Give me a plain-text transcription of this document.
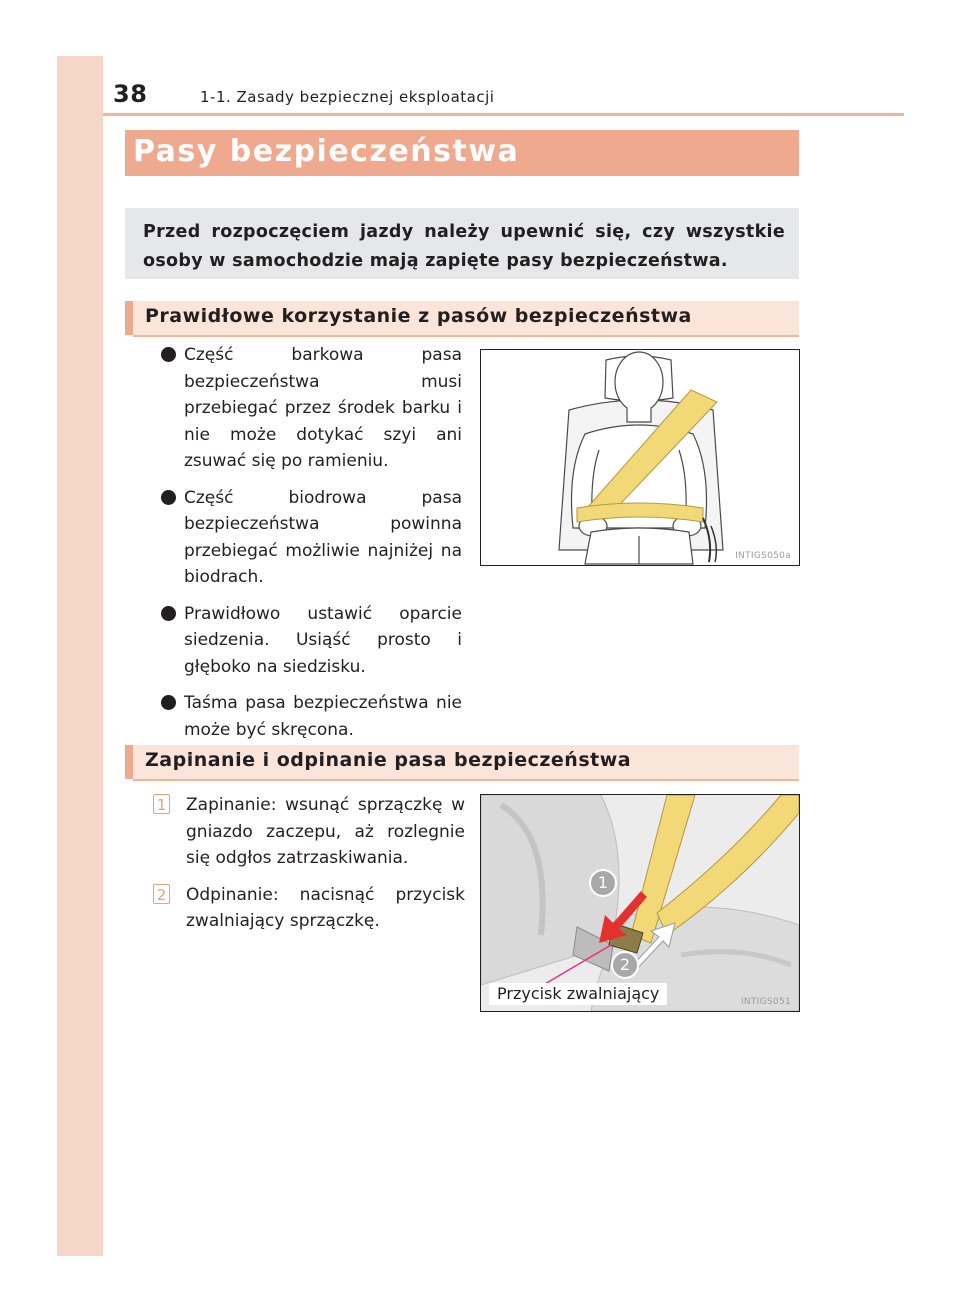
38	1-1. Zasady bezpiecznej eksploatacji
Pasy bezpieczeństwa

Przed rozpoczęciem jazdy należy upewnić się, czy wszystkie osoby w samochodzie mają zapięte pasy bezpieczeństwa.

Prawidłowe korzystanie z pasów bezpieczeństwa
Część barkowa pasa bezpieczeństwa musi przebiegać przez środek barku i nie może dotykać szyi ani zsuwać się po ramieniu.
Część biodrowa pasa bezpieczeństwa powinna przebiegać możliwie najniżej na biodrach.
Prawidłowo ustawić oparcie siedzenia. Usiąść prosto i głęboko na siedzisku.
Taśma pasa bezpieczeństwa nie może być skręcona.
INTIGS050a
Zapinanie i odpinanie pasa bezpieczeństwa
1 Zapinanie: wsunąć sprzączkę w gniazdo zaczepu, aż rozlegnie się odgłos zatrzaskiwania.
2 Odpinanie: nacisnąć przycisk zwalniający sprzączkę.
1
2
Przycisk zwalniający	INTIGS051
